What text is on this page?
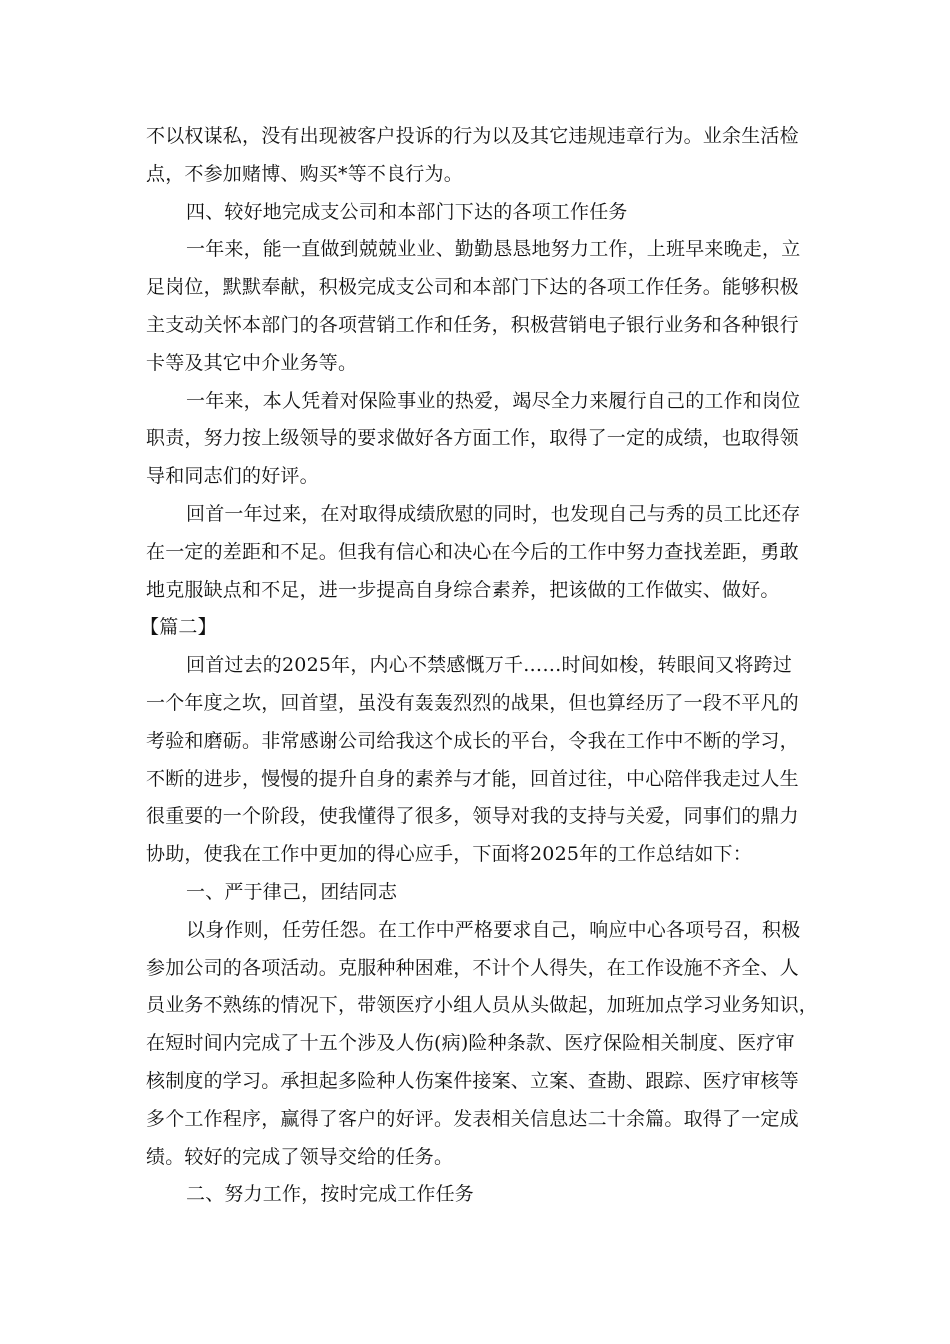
不以权谋私，没有出现被客户投诉的行为以及其它违规违章行为。业余生活检
点，不参加赌博、购买*等不良行为。
四、较好地完成支公司和本部门下达的各项工作任务
一年来，能一直做到兢兢业业、勤勤恳恳地努力工作，上班早来晚走，立
足岗位，默默奉献，积极完成支公司和本部门下达的各项工作任务。能够积极
主支动关怀本部门的各项营销工作和任务，积极营销电子银行业务和各种银行
卡等及其它中介业务等。
一年来，本人凭着对保险事业的热爱，竭尽全力来履行自己的工作和岗位
职责，努力按上级领导的要求做好各方面工作，取得了一定的成绩，也取得领
导和同志们的好评。
回首一年过来，在对取得成绩欣慰的同时，也发现自己与秀的员工比还存
在一定的差距和不足。但我有信心和决心在今后的工作中努力查找差距，勇敢
地克服缺点和不足，进一步提高自身综合素养，把该做的工作做实、做好。
【篇二】
回首过去的2025年，内心不禁感慨万千……时间如梭，转眼间又将跨过
一个年度之坎，回首望，虽没有轰轰烈烈的战果，但也算经历了一段不平凡的
考验和磨砺。非常感谢公司给我这个成长的平台，令我在工作中不断的学习，
不断的进步，慢慢的提升自身的素养与才能，回首过往，中心陪伴我走过人生
很重要的一个阶段，使我懂得了很多，领导对我的支持与关爱，同事们的鼎力
协助，使我在工作中更加的得心应手，下面将2025年的工作总结如下：
一、严于律己，团结同志
以身作则，任劳任怨。在工作中严格要求自己，响应中心各项号召，积极
参加公司的各项活动。克服种种困难，不计个人得失，在工作设施不齐全、人
员业务不熟练的情况下，带领医疗小组人员从头做起，加班加点学习业务知识，
在短时间内完成了十五个涉及人伤(病)险种条款、医疗保险相关制度、医疗审
核制度的学习。承担起多险种人伤案件接案、立案、查勘、跟踪、医疗审核等
多个工作程序，赢得了客户的好评。发表相关信息达二十余篇。取得了一定成
绩。较好的完成了领导交给的任务。
二、努力工作，按时完成工作任务
